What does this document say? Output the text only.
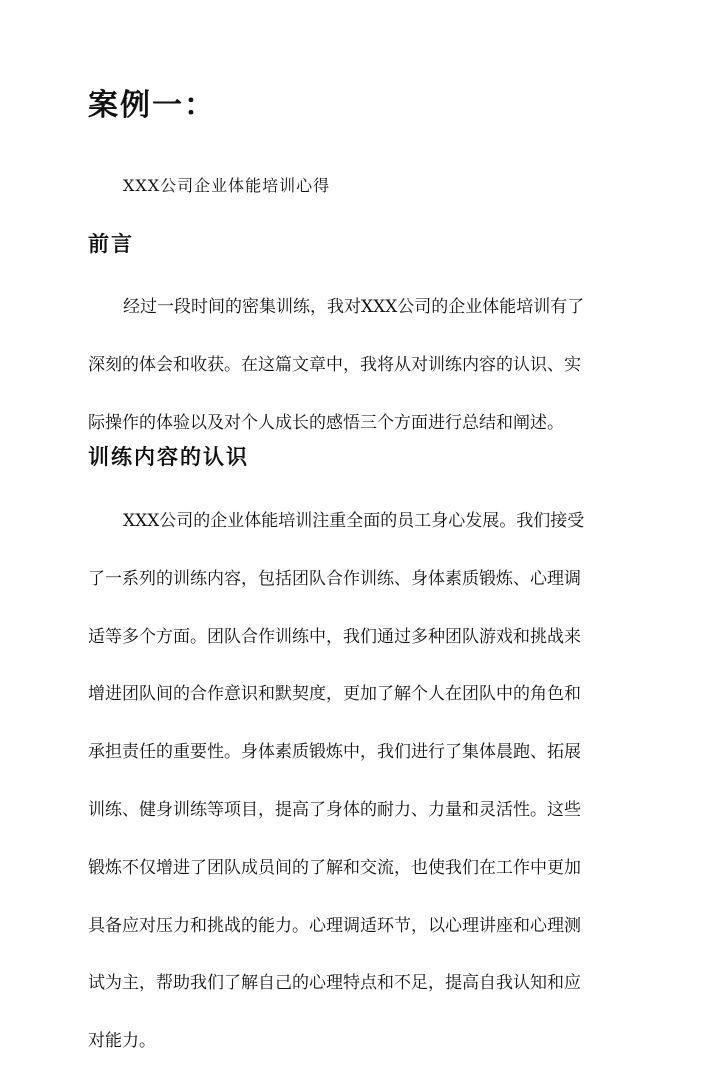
案例一：
XXX公司企业体能培训心得
前言
经过一段时间的密集训练，我对XXX公司的企业体能培训有了
深刻的体会和收获。在这篇文章中，我将从对训练内容的认识、实
际操作的体验以及对个人成长的感悟三个方面进行总结和阐述。
训练内容的认识
XXX公司的企业体能培训注重全面的员工身心发展。我们接受
了一系列的训练内容，包括团队合作训练、身体素质锻炼、心理调
适等多个方面。团队合作训练中，我们通过多种团队游戏和挑战来
增进团队间的合作意识和默契度，更加了解个人在团队中的角色和
承担责任的重要性。身体素质锻炼中，我们进行了集体晨跑、拓展
训练、健身训练等项目，提高了身体的耐力、力量和灵活性。这些
锻炼不仅增进了团队成员间的了解和交流，也使我们在工作中更加
具备应对压力和挑战的能力。心理调适环节，以心理讲座和心理测
试为主，帮助我们了解自己的心理特点和不足，提高自我认知和应
对能力。
